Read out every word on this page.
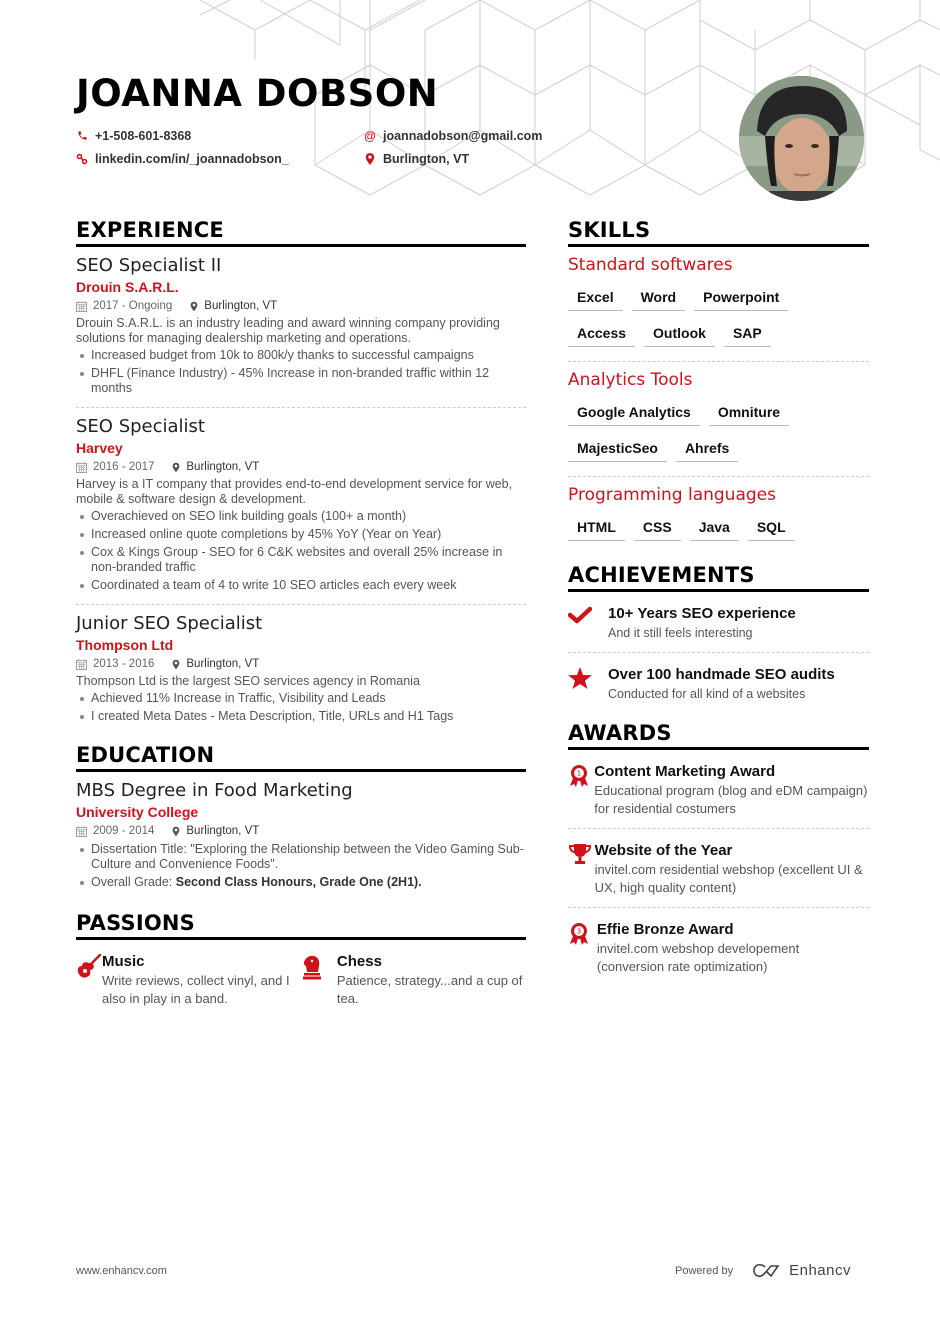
JOANNA DOBSON
+1-508-601-8368	@ joannadobson@gmail.com
linkedin.com/in/_joannadobson_	Burlington, VT
EXPERIENCE
SEO Specialist II
Drouin S.A.R.L.
2017 - Ongoing	Burlington, VT
Drouin S.A.R.L. is an industry leading and award winning company providing solutions for managing dealership marketing and operations.
Increased budget from 10k to 800k/y thanks to successful campaigns
DHFL (Finance Industry) - 45% Increase in non-branded traffic within 12 months
SEO Specialist
Harvey
2016 - 2017	Burlington, VT
Harvey is a IT company that provides end-to-end development service for web, mobile & software design & development.
Overachieved on SEO link building goals (100+ a month)
Increased online quote completions by 45% YoY (Year on Year)
Cox & Kings Group - SEO for 6 C&K websites and overall 25% increase in non-branded traffic
Coordinated a team of 4 to write 10 SEO articles each every week
Junior SEO Specialist
Thompson Ltd
2013 - 2016	Burlington, VT
Thompson Ltd is the largest SEO services agency in Romania
Achieved 11% Increase in Traffic, Visibility and Leads
I created Meta Dates - Meta Description, Title, URLs and H1 Tags
EDUCATION
MBS Degree in Food Marketing
University College
2009 - 2014	Burlington, VT
Dissertation Title: "Exploring the Relationship between the Video Gaming Sub-Culture and Convenience Foods".
Overall Grade: Second Class Honours, Grade One (2H1).
PASSIONS
Music
Write reviews, collect vinyl, and I also in play in a band.
Chess
Patience, strategy...and a cup of tea.
SKILLS
Standard softwares
Excel	Word	Powerpoint
Access	Outlook	SAP
Analytics Tools
Google Analytics	Omniture
MajesticSeo	Ahrefs
Programming languages
HTML	CSS	Java	SQL
ACHIEVEMENTS
10+ Years SEO experience
And it still feels interesting
Over 100 handmade SEO audits
Conducted for all kind of a websites
AWARDS
1 Content Marketing Award
Educational program (blog and eDM campaign) for residential costumers
Website of the Year
invitel.com residential webshop (excellent UI & UX, high quality content)
3 Effie Bronze Award
invitel.com webshop developement (conversion rate optimization)
www.enhancv.com	Powered by	Enhancv
